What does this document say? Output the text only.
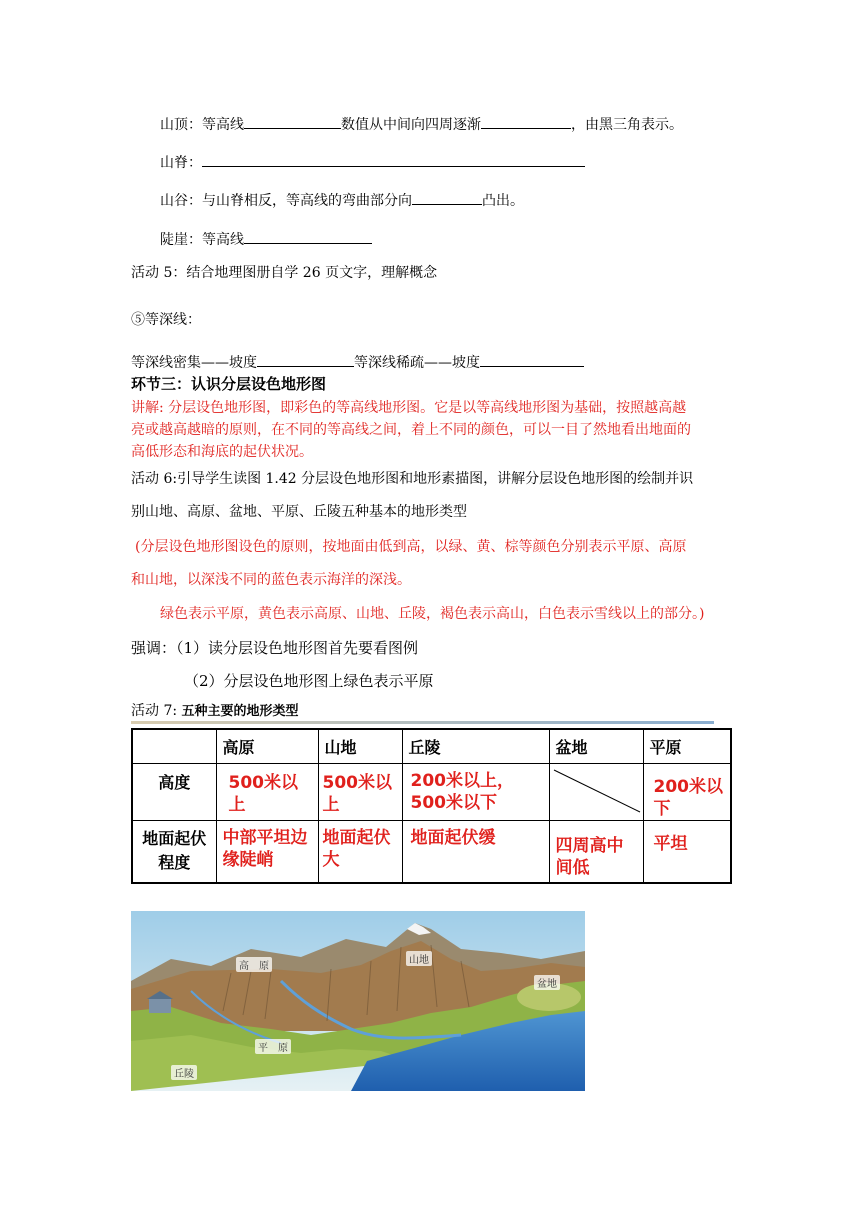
山顶：等高线	数值从中间向四周逐渐	，由黑三角表示。
山脊：
山谷：与山脊相反，等高线的弯曲部分向	凸出。
陡崖：等高线
活动 5：结合地理图册自学 26 页文字，理解概念
⑤等深线：
等深线密集——坡度	等深线稀疏——坡度
环节三：认识分层设色地形图
讲解: 分层设色地形图，即彩色的等高线地形图。它是以等高线地形图为基础，按照越高越
亮或越高越暗的原则，在不同的等高线之间，着上不同的颜色，可以一目了然地看出地面的
高低形态和海底的起伏状况。
活动 6:引导学生读图 1.42 分层设色地形图和地形素描图，讲解分层设色地形图的绘制并识
别山地、高原、盆地、平原、丘陵五种基本的地形类型
(分层设色地形图设色的原则，按地面由低到高，以绿、黄、棕等颜色分别表示平原、高原
和山地，以深浅不同的蓝色表示海洋的深浅。
绿色表示平原，黄色表示高原、山地、丘陵，褐色表示高山，白色表示雪线以上的部分。)
强调：（1）读分层设色地形图首先要看图例
（2）分层设色地形图上绿色表示平原
活动 7: 五种主要的地形类型
	高原	山地	丘陵	盆地	平原
高度	500米以上	500米以上	200米以上，500米以下		200米以下
地面起伏程度	中部平坦边缘陡峭	地面起伏大	地面起伏缓	四周高中间低	平坦
高　原
山地
盆地
平　原
丘陵
